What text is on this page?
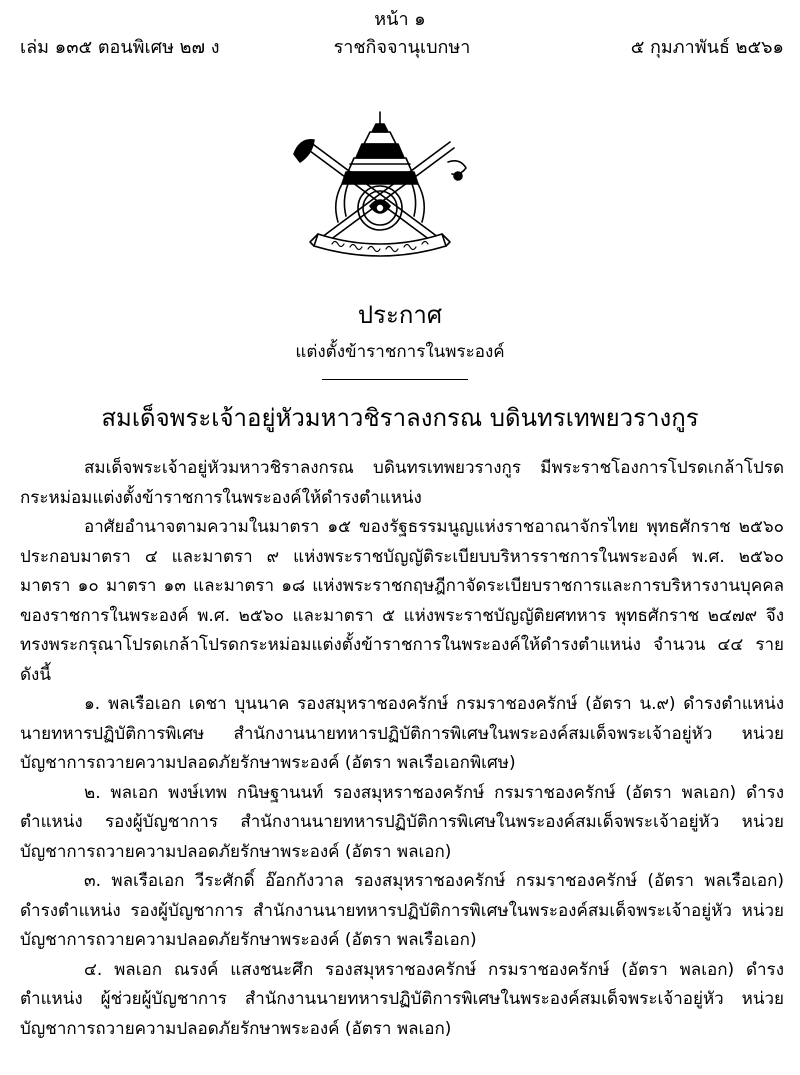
หน้า ๑
ราชกิจจานุเบกษา
เล่ม ๑๓๕ ตอนพิเศษ ๒๗ ง	๕ กุมภาพันธ์ ๒๕๖๑
ประกาศ
แต่งตั้งข้าราชการในพระองค์
สมเด็จพระเจ้าอยู่หัวมหาวชิราลงกรณ บดินทรเทพยวรางกูร

สมเด็จพระเจ้าอยู่หัวมหาวชิราลงกรณ บดินทรเทพยวรางกูร มีพระราชโองการโปรดเกล้าโปรดกระหม่อมแต่งตั้งข้าราชการในพระองค์ให้ดำรงตำแหน่ง

อาศัยอำนาจตามความในมาตรา ๑๕ ของรัฐธรรมนูญแห่งราชอาณาจักรไทย พุทธศักราช ๒๕๖๐ ประกอบมาตรา ๔ และมาตรา ๙ แห่งพระราชบัญญัติระเบียบบริหารราชการในพระองค์ พ.ศ. ๒๕๖๐ มาตรา ๑๐ มาตรา ๑๓ และมาตรา ๑๘ แห่งพระราชกฤษฎีกาจัดระเบียบราชการและการบริหารงานบุคคลของราชการในพระองค์ พ.ศ. ๒๕๖๐ และมาตรา ๕ แห่งพระราชบัญญัติยศทหาร พุทธศักราช ๒๔๗๙ จึงทรงพระกรุณาโปรดเกล้าโปรดกระหม่อมแต่งตั้งข้าราชการในพระองค์ให้ดำรงตำแหน่ง จำนวน ๔๔ ราย ดังนี้

๑. พลเรือเอก เดชา บุนนาค รองสมุหราชองครักษ์ กรมราชองครักษ์ (อัตรา น.๙) ดำรงตำแหน่ง นายทหารปฏิบัติการพิเศษ สำนักงานนายทหารปฏิบัติการพิเศษในพระองค์สมเด็จพระเจ้าอยู่หัว หน่วยบัญชาการถวายความปลอดภัยรักษาพระองค์ (อัตรา พลเรือเอกพิเศษ)

๒. พลเอก พงษ์เทพ กนิษฐานนท์ รองสมุหราชองครักษ์ กรมราชองครักษ์ (อัตรา พลเอก) ดำรงตำแหน่ง รองผู้บัญชาการ สำนักงานนายทหารปฏิบัติการพิเศษในพระองค์สมเด็จพระเจ้าอยู่หัว หน่วยบัญชาการถวายความปลอดภัยรักษาพระองค์ (อัตรา พลเอก)

๓. พลเรือเอก วีระศักดิ์ อ๊อกกังวาล รองสมุหราชองครักษ์ กรมราชองครักษ์ (อัตรา พลเรือเอก) ดำรงตำแหน่ง รองผู้บัญชาการ สำนักงานนายทหารปฏิบัติการพิเศษในพระองค์สมเด็จพระเจ้าอยู่หัว หน่วยบัญชาการถวายความปลอดภัยรักษาพระองค์ (อัตรา พลเรือเอก)

๔. พลเอก ณรงค์ แสงชนะศึก รองสมุหราชองครักษ์ กรมราชองครักษ์ (อัตรา พลเอก) ดำรงตำแหน่ง ผู้ช่วยผู้บัญชาการ สำนักงานนายทหารปฏิบัติการพิเศษในพระองค์สมเด็จพระเจ้าอยู่หัว หน่วยบัญชาการถวายความปลอดภัยรักษาพระองค์ (อัตรา พลเอก)
